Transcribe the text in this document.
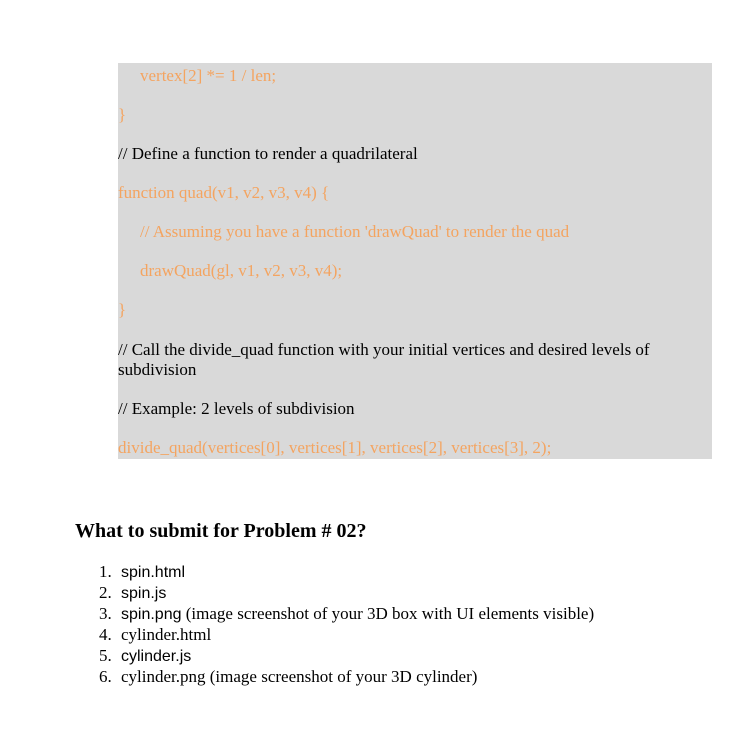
vertex[2] *= 1 / len;
}
// Define a function to render a quadrilateral
function quad(v1, v2, v3, v4) {
// Assuming you have a function 'drawQuad' to render the quad
drawQuad(gl, v1, v2, v3, v4);
}
// Call the divide_quad function with your initial vertices and desired levels of subdivision
// Example: 2 levels of subdivision
divide_quad(vertices[0], vertices[1], vertices[2], vertices[3], 2);
What to submit for Problem # 02?
1. spin.html
2. spin.js
3. spin.png (image screenshot of your 3D box with UI elements visible)
4. cylinder.html
5. cylinder.js
6. cylinder.png (image screenshot of your 3D cylinder)
